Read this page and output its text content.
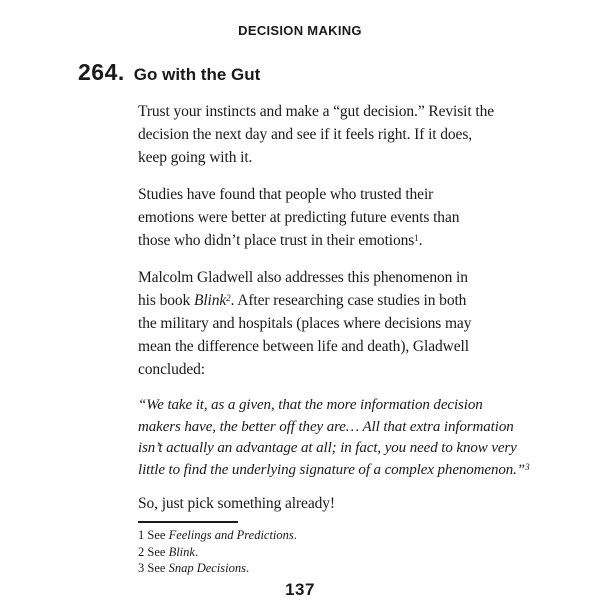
DECISION MAKING
264. Go with the Gut

Trust your instincts and make a “gut decision.” Revisit the
decision the next day and see if it feels right. If it does,
keep going with it.

Studies have found that people who trusted their
emotions were better at predicting future events than
those who didn’t place trust in their emotions$^1$.

Malcolm Gladwell also addresses this phenomenon in
his book Blink$^2$. After researching case studies in both
the military and hospitals (places where decisions may
mean the difference between life and death), Gladwell
concluded:

“We take it, as a given, that the more information decision
makers have, the better off they are… All that extra information
isn’t actually an advantage at all; in fact, you need to know very
little to find the underlying signature of a complex phenomenon.”$^3$

So, just pick something already!

1 See Feelings and Predictions.
2 See Blink.
3 See Snap Decisions.
137
